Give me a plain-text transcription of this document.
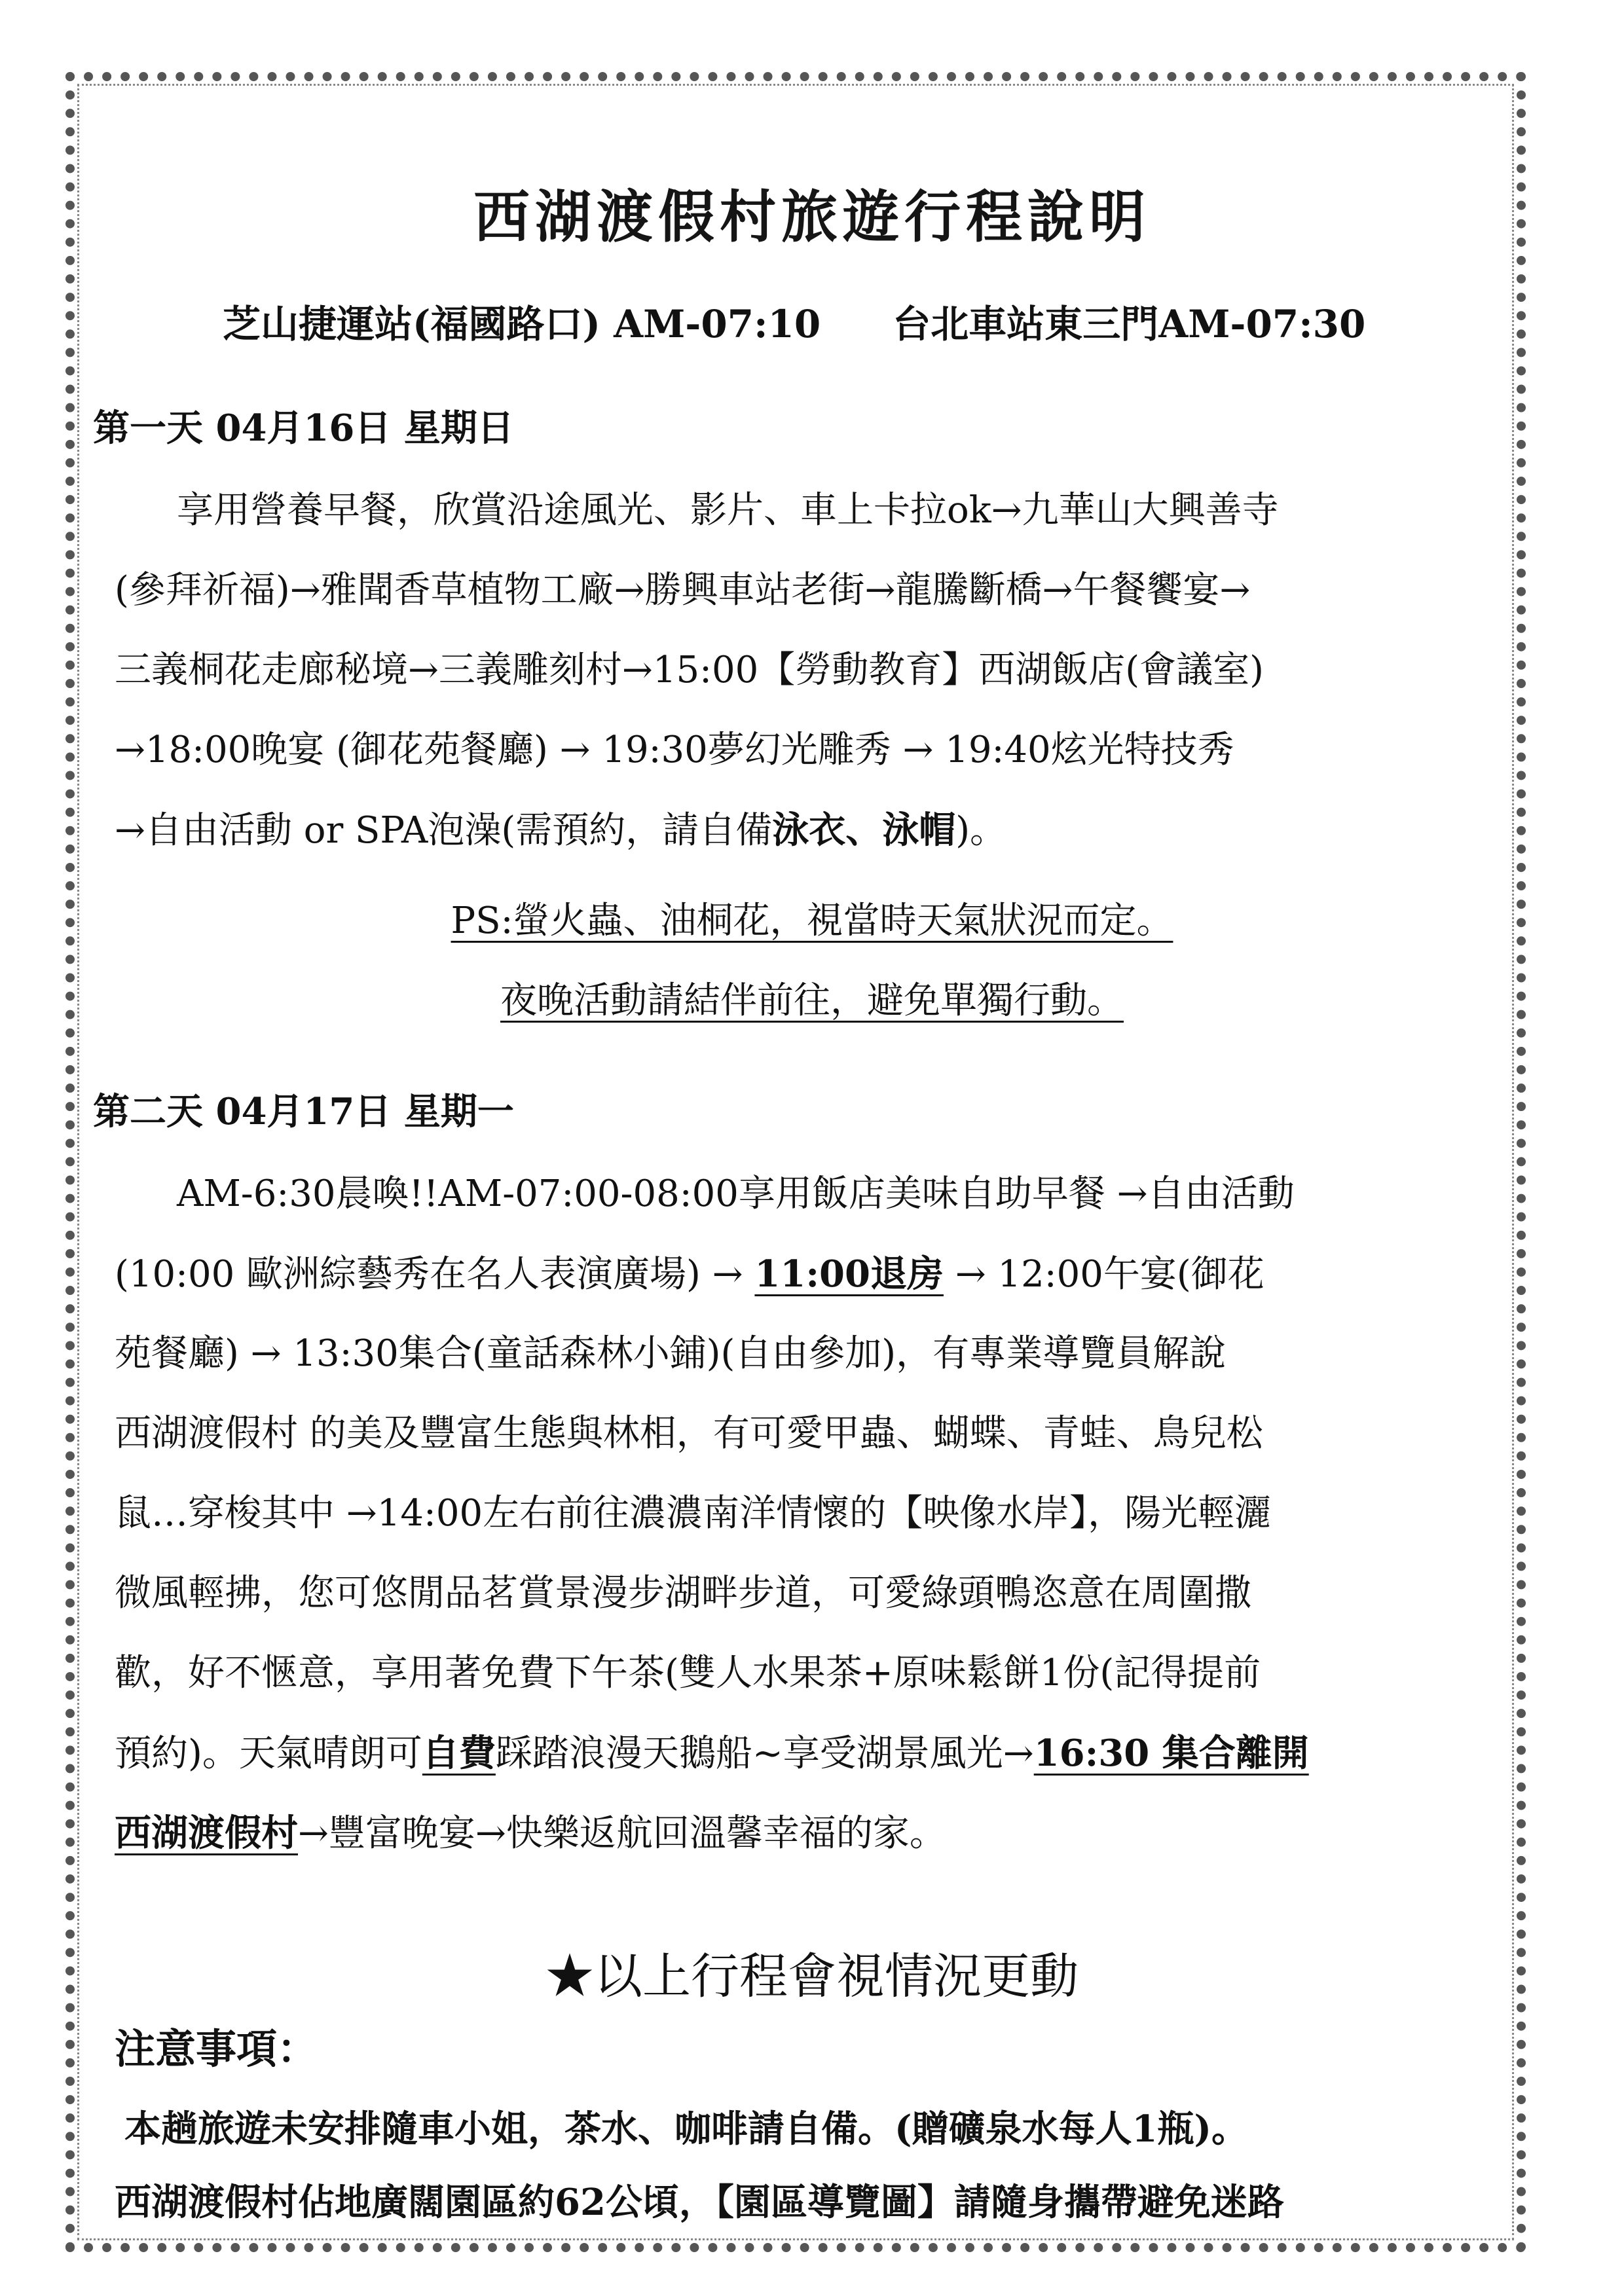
西湖渡假村旅遊行程說明
芝山捷運站(福國路口) AM-07:10 台北車站東三門AM-07:30
第一天 04月16日 星期日
享用營養早餐，欣賞沿途風光、影片、車上卡拉ok→九華山大興善寺
(參拜祈福)→雅聞香草植物工廠→勝興車站老街→龍騰斷橋→午餐饗宴→
三義桐花走廊秘境→三義雕刻村→15:00【勞動教育】西湖飯店(會議室)
→18:00晚宴 (御花苑餐廳) → 19:30夢幻光雕秀 → 19:40炫光特技秀
→自由活動 or SPA泡澡(需預約，請自備泳衣、泳帽)。
PS:螢火蟲、油桐花，視當時天氣狀況而定。
夜晚活動請結伴前往，避免單獨行動。
第二天 04月17日 星期一
AM-6:30晨喚!!AM-07:00-08:00享用飯店美味自助早餐 →自由活動
(10:00 歐洲綜藝秀在名人表演廣場) → 11:00退房 → 12:00午宴(御花
苑餐廳) → 13:30集合(童話森林小鋪)(自由參加)，有專業導覽員解說
西湖渡假村 的美及豐富生態與林相，有可愛甲蟲、蝴蝶、青蛙、鳥兒松
鼠…穿梭其中 →14:00左右前往濃濃南洋情懷的【映像水岸】，陽光輕灑
微風輕拂，您可悠閒品茗賞景漫步湖畔步道，可愛綠頭鴨恣意在周圍撒
歡，好不愜意，享用著免費下午茶(雙人水果茶+原味鬆餅1份(記得提前
預約)。天氣晴朗可自費踩踏浪漫天鵝船~享受湖景風光→16:30 集合離開
西湖渡假村→豐富晚宴→快樂返航回溫馨幸福的家。
★以上行程會視情況更動
注意事項：
本趟旅遊未安排隨車小姐，茶水、咖啡請自備。(贈礦泉水每人1瓶)。
西湖渡假村佔地廣闊園區約62公頃，【園區導覽圖】請隨身攜帶避免迷路
